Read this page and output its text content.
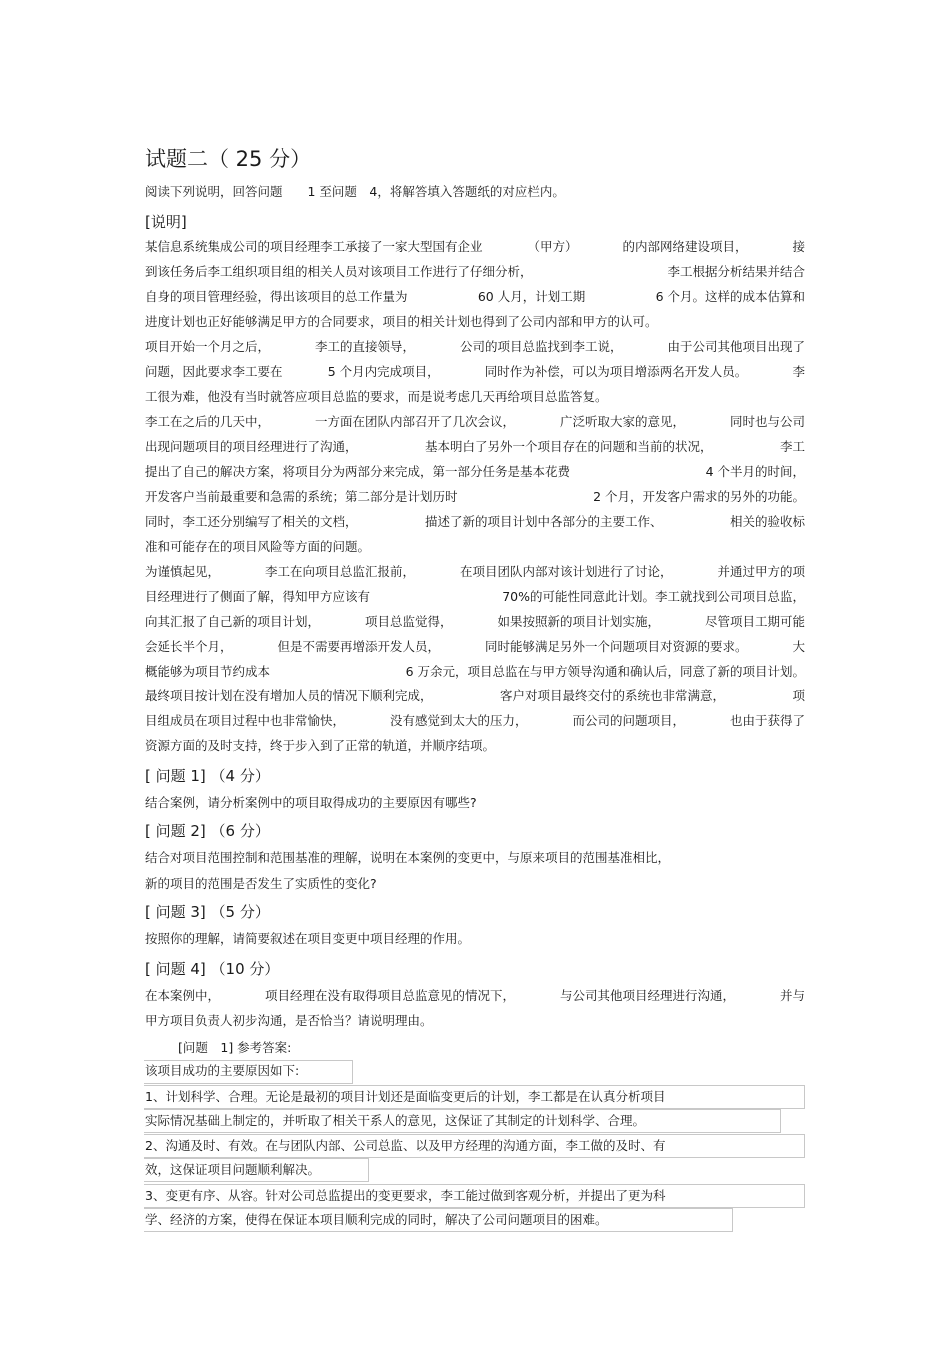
试题二（ 25 分）
阅读下列说明，回答问题　　1 至问题　4，将解答填入答题纸的对应栏内。
[说明]
某信息系统集成公司的项目经理李工承接了一家大型国有企业	（甲方）	的内部网络建设项目，	接
到该任务后李工组织项目组的相关人员对该项目工作进行了仔细分析，	李工根据分析结果并结合
自身的项目管理经验，得出该项目的总工作量为	60 人月，计划工期	6 个月。这样的成本估算和
进度计划也正好能够满足甲方的合同要求，项目的相关计划也得到了公司内部和甲方的认可。
项目开始一个月之后，	李工的直接领导，	公司的项目总监找到李工说，	由于公司其他项目出现了
问题，因此要求李工要在	5 个月内完成项目，	同时作为补偿，可以为项目增添两名开发人员。	李
工很为难，他没有当时就答应项目总监的要求，而是说考虑几天再给项目总监答复。
李工在之后的几天中，	一方面在团队内部召开了几次会议，	广泛听取大家的意见，	同时也与公司
出现问题项目的项目经理进行了沟通，	基本明白了另外一个项目存在的问题和当前的状况，	李工
提出了自己的解决方案，将项目分为两部分来完成，第一部分任务是基本花费	4 个半月的时间，
开发客户当前最重要和急需的系统；第二部分是计划历时	2 个月，开发客户需求的另外的功能。
同时，李工还分别编写了相关的文档，	描述了新的项目计划中各部分的主要工作、	相关的验收标
准和可能存在的项目风险等方面的问题。
为谨慎起见，	李工在向项目总监汇报前，	在项目团队内部对该计划进行了讨论，	并通过甲方的项
目经理进行了侧面了解，得知甲方应该有	70%的可能性同意此计划。李工就找到公司项目总监，
向其汇报了自己新的项目计划，	项目总监觉得，	如果按照新的项目计划实施，	尽管项目工期可能
会延长半个月，	但是不需要再增添开发人员，	同时能够满足另外一个问题项目对资源的要求。	大
概能够为项目节约成本	6 万余元，项目总监在与甲方领导沟通和确认后，同意了新的项目计划。
最终项目按计划在没有增加人员的情况下顺利完成，	客户对项目最终交付的系统也非常满意，	项
目组成员在项目过程中也非常愉快，	没有感觉到太大的压力，	而公司的问题项目，	也由于获得了
资源方面的及时支持，终于步入到了正常的轨道，并顺序结项。
[ 问题 1] （4 分）
结合案例，请分析案例中的项目取得成功的主要原因有哪些?
[ 问题 2] （6 分）
结合对项目范围控制和范围基准的理解，说明在本案例的变更中，与原来项目的范围基准相比，
新的项目的范围是否发生了实质性的变化?
[ 问题 3] （5 分）
按照你的理解，请简要叙述在项目变更中项目经理的作用。
[ 问题 4] （10 分）
在本案例中，	项目经理在没有取得项目总监意见的情况下，	与公司其他项目经理进行沟通，	并与
甲方项目负责人初步沟通，是否恰当？请说明理由。
[问题　1] 参考答案:
该项目成功的主要原因如下:
1、计划科学、合理。无论是最初的项目计划还是面临变更后的计划，李工都是在认真分析项目
实际情况基础上制定的，并听取了相关干系人的意见，这保证了其制定的计划科学、合理。
2、沟通及时、有效。在与团队内部、公司总监、以及甲方经理的沟通方面，李工做的及时、有
效，这保证项目问题顺利解决。
3、变更有序、从容。针对公司总监提出的变更要求，李工能过做到客观分析，并提出了更为科
学、经济的方案，使得在保证本项目顺利完成的同时，解决了公司问题项目的困难。
